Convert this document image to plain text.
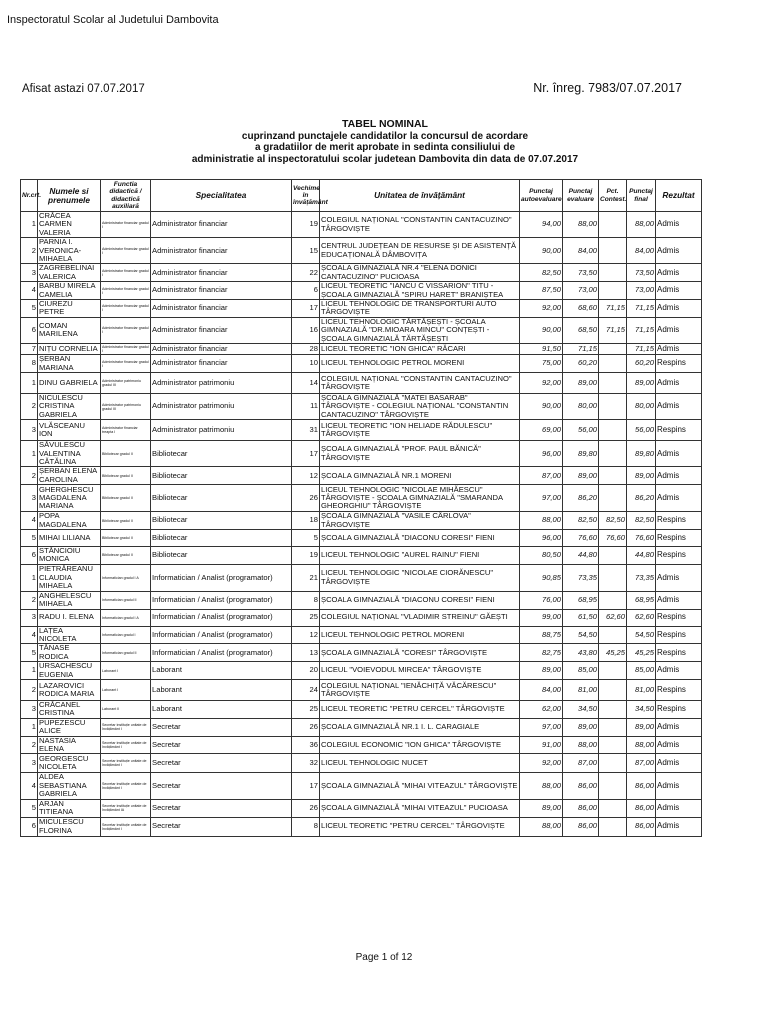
Inspectoratul Scolar al Judetului Dambovita
Afisat astazi 07.07.2017	Nr. înreg. 7983/07.07.2017
TABEL NOMINAL
cuprinzand punctajele candidatilor la concursul de acordare
a gradatiilor de merit aprobate in sedinta consiliului de
administratie al inspectoratului scolar judetean Dambovita din data de 07.07.2017
Nr.crt.	Numele si prenumele	Functia didactică / didactică auxiliară	Specialitatea	Vechime în învățământ	Unitatea de învățământ	Punctaj autoevaluare	Punctaj evaluare	Pct. Contest.	Punctaj final	Rezultat
1	CRĂCEA CARMEN VALERIA	Administrator financiar gradul I	Administrator financiar	19	COLEGIUL NAȚIONAL "CONSTANTIN CANTACUZINO" TÂRGOVIȘTE	94,00	88,00		88,00	Admis
2	PARNIA I. VERONICA-MIHAELA	Administrator financiar gradul I	Administrator financiar	15	CENTRUL JUDEȚEAN DE RESURSE ȘI DE ASISTENȚĂ EDUCAȚIONALĂ DÂMBOVIȚA	90,00	84,00		84,00	Admis
3	ZAGREBELINAI VALERICA	Administrator financiar gradul I	Administrator financiar	22	ȘCOALA GIMNAZIALĂ NR.4 "ELENA DONICI CANTACUZINO" PUCIOASA	82,50	73,50		73,50	Admis
4	BARBU MIRELA CAMELIA	Administrator financiar gradul I	Administrator financiar	6	LICEUL TEORETIC "IANCU C VISSARION" TITU - ȘCOALA GIMNAZIALĂ "SPIRU HARET" BRANIȘTEA	87,50	73,00		73,00	Admis
5	CIUREZU PETRE	Administrator financiar gradul I	Administrator financiar	17	LICEUL TEHNOLOGIC DE TRANSPORTURI AUTO TÂRGOVIȘTE	92,00	68,60	71,15	71,15	Admis
6	COMAN MARILENA	Administrator financiar gradul I	Administrator financiar	16	LICEUL TEHNOLOGIC TĂRTĂȘEȘTI - ȘCOALA GIMNAZIALĂ "DR.MIOARA MINCU" CONȚEȘTI - ȘCOALA GIMNAZIALĂ TĂRTĂȘEȘTI	90,00	68,50	71,15	71,15	Admis
7	NIȚU CORNELIA	Administrator financiar gradul I	Administrator financiar	28	LICEUL TEORETIC "ION GHICA" RĂCARI	91,50	71,15		71,15	Admis
8	ȘERBAN MARIANA	Administrator financiar gradul I	Administrator financiar	10	LICEUL TEHNOLOGIC PETROL MORENI	75,00	60,20		60,20	Respins
1	DINU GABRIELA	Administrator patrimoniu gradul III	Administrator patrimoniu	14	COLEGIUL NAȚIONAL "CONSTANTIN CANTACUZINO" TÂRGOVIȘTE	92,00	89,00		89,00	Admis
2	NICULESCU CRISTINA GABRIELA	Administrator patrimoniu gradul III	Administrator patrimoniu	11	ȘCOALA GIMNAZIALĂ "MATEI BASARAB" TÂRGOVIȘTE - COLEGIUL NAȚIONAL "CONSTANTIN CANTACUZINO" TÂRGOVIȘTE	90,00	80,00		80,00	Admis
3	VLĂSCEANU ION	Administrator financiar treapta I	Administrator patrimoniu	31	LICEUL TEORETIC "ION HELIADE RĂDULESCU" TÂRGOVIȘTE	69,00	56,00		56,00	Respins
1	SĂVULESCU VALENTINA CĂTĂLINA	Bibliotecar gradul II	Bibliotecar	17	ȘCOALA GIMNAZIALĂ "PROF. PAUL BĂNICĂ" TÂRGOVIȘTE	96,00	89,80		89,80	Admis
2	ȘERBAN ELENA CAROLINA	Bibliotecar gradul II	Bibliotecar	12	ȘCOALA GIMNAZIALĂ NR.1 MORENI	87,00	89,00		89,00	Admis
3	GHERGHESCU MAGDALENA MARIANA	Bibliotecar gradul II	Bibliotecar	26	LICEUL TEHNOLOGIC "NICOLAE MIHĂESCU" TÂRGOVIȘTE - ȘCOALA GIMNAZIALĂ "SMARANDA GHEORGHIU" TÂRGOVIȘTE	97,00	86,20		86,20	Admis
4	POPA MAGDALENA	Bibliotecar gradul II	Bibliotecar	18	ȘCOALA GIMNAZIALĂ "VASILE CÂRLOVA" TÂRGOVIȘTE	88,00	82,50	82,50	82,50	Respins
5	MIHAI LILIANA	Bibliotecar gradul II	Bibliotecar	5	ȘCOALA GIMNAZIALĂ "DIACONU CORESI" FIENI	96,00	76,60	76,60	76,60	Respins
6	STĂNCIOIU MONICA	Bibliotecar gradul II	Bibliotecar	19	LICEUL TEHNOLOGIC "AUREL RAINU" FIENI	80,50	44,80		44,80	Respins
1	PIETRĂREANU CLAUDIA MIHAELA	Informatician gradul I A	Informatician / Analist (programator)	21	LICEUL TEHNOLOGIC "NICOLAE CIORĂNESCU" TÂRGOVIȘTE	90,85	73,35		73,35	Admis
2	ANGHELESCU MIHAELA	Informatician gradul II	Informatician / Analist (programator)	8	ȘCOALA GIMNAZIALĂ "DIACONU CORESI" FIENI	76,00	68,95		68,95	Admis
3	RADU I. ELENA	Informatician gradul I A	Informatician / Analist (programator)	25	COLEGIUL NAȚIONAL "VLADIMIR STREINU" GĂEȘTI	99,00	61,50	62,60	62,60	Respins
4	LAȚEA NICOLETA	Informatician gradul I	Informatician / Analist (programator)	12	LICEUL TEHNOLOGIC PETROL MORENI	88,75	54,50		54,50	Respins
5	TĂNASE RODICA	Informatician gradul II	Informatician / Analist (programator)	13	ȘCOALA GIMNAZIALĂ "CORESI" TÂRGOVIȘTE	82,75	43,80	45,25	45,25	Respins
1	URSACHESCU EUGENIA	Laborant I	Laborant	20	LICEUL "VOIEVODUL MIRCEA" TÂRGOVIȘTE	89,00	85,00		85,00	Admis
2	LAZAROVICI RODICA MARIA	Laborant I	Laborant	24	COLEGIUL NAȚIONAL "IENĂCHIȚĂ VĂCĂRESCU" TÂRGOVIȘTE	84,00	81,00		81,00	Respins
3	CRĂCANEL CRISTINA	Laborant II	Laborant	25	LICEUL TEORETIC "PETRU CERCEL" TÂRGOVIȘTE	62,00	34,50		34,50	Respins
1	PUPEZESCU ALICE	Secretar instituție unitate de învățământ I	Secretar	26	ȘCOALA GIMNAZIALĂ NR.1 I. L. CARAGIALE	97,00	89,00		89,00	Admis
2	NASTASIA ELENA	Secretar instituție unitate de învățământ I	Secretar	36	COLEGIUL ECONOMIC "ION GHICA" TÂRGOVIȘTE	91,00	88,00		88,00	Admis
3	GEORGESCU NICOLETA	Secretar instituție unitate de învățământ I	Secretar	32	LICEUL TEHNOLOGIC NUCET	92,00	87,00		87,00	Admis
4	ALDEA SEBASTIANA GABRIELA	Secretar instituție unitate de învățământ I	Secretar	17	ȘCOALA GIMNAZIALĂ "MIHAI VITEAZUL" TÂRGOVIȘTE	88,00	86,00		86,00	Admis
5	ARJAN TITIEANA	Secretar instituție unitate de învățământ IA	Secretar	26	ȘCOALA GIMNAZIALĂ "MIHAI VITEAZUL" PUCIOASA	89,00	86,00		86,00	Admis
6	MICULESCU FLORINA	Secretar instituție unitate de învățământ I	Secretar	8	LICEUL TEORETIC "PETRU CERCEL" TÂRGOVIȘTE	88,00	86,00		86,00	Admis
Page 1 of 12
